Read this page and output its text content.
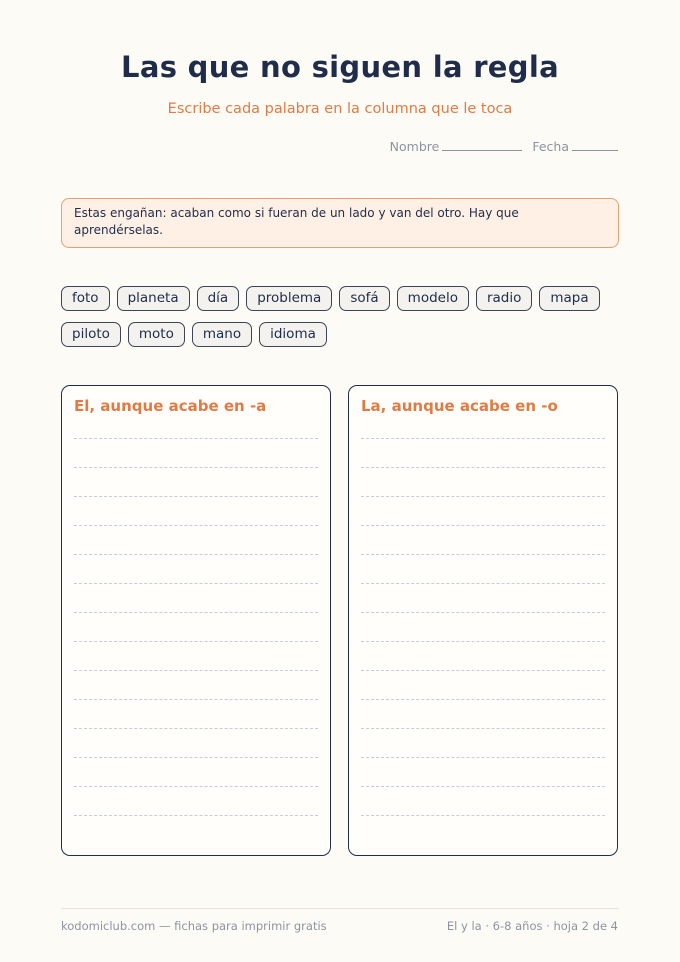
Las que no siguen la regla

Escribe cada palabra en la columna que le toca

Nombre	Fecha
Estas engañan: acaban como si fueran de un lado y van del otro. Hay que aprendérselas.
foto	planeta	día	problema	sofá	modelo	radio	mapa
piloto	moto	mano	idioma
El, aunque acabe en -a	La, aunque acabe en -o
kodomiclub.com — fichas para imprimir gratis	El y la · 6-8 años · hoja 2 de 4
